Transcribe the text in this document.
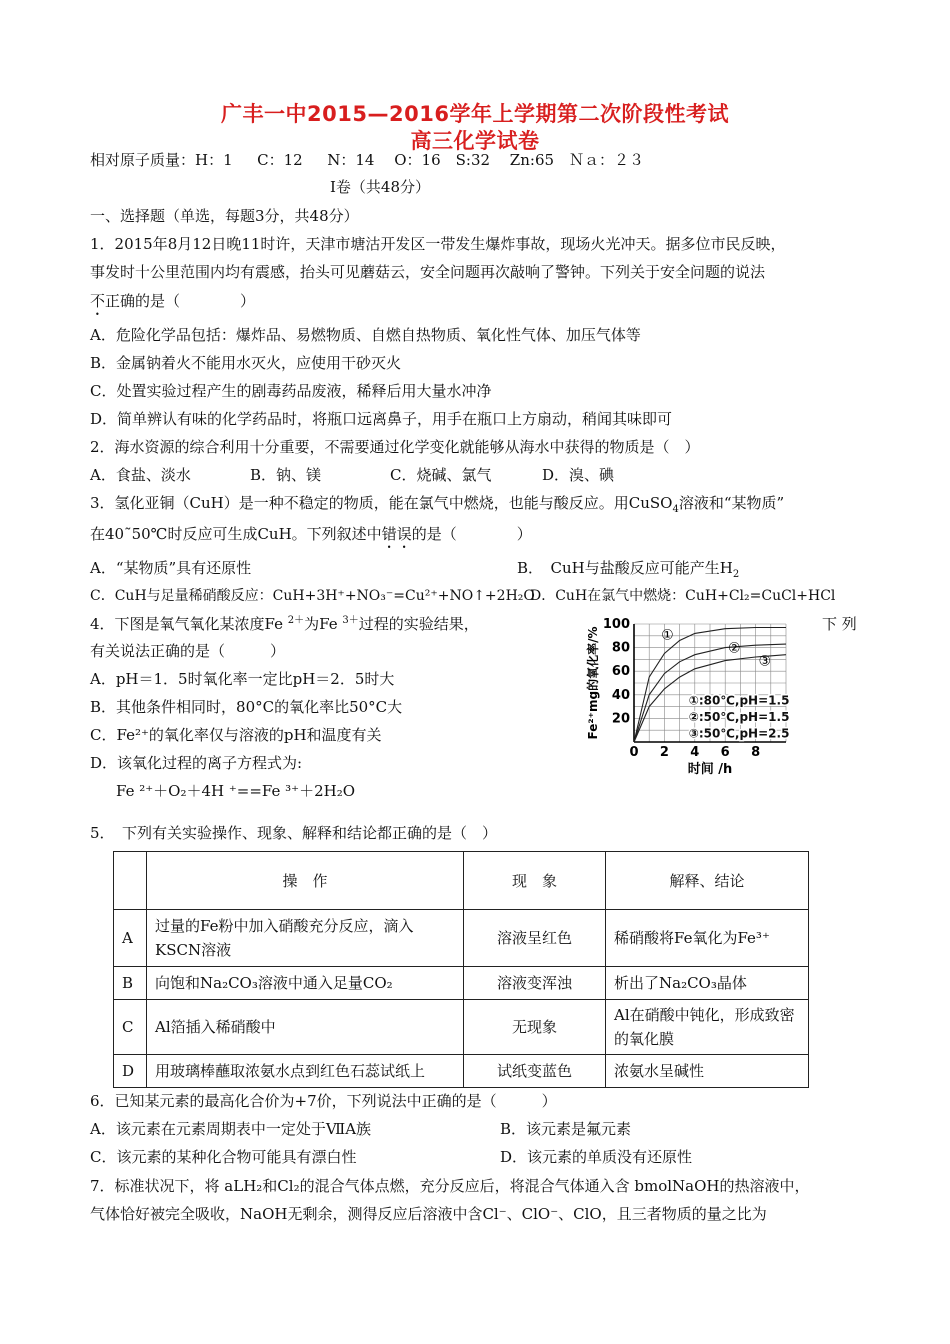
广丰一中2015—2016学年上学期第二次阶段性考试
高三化学试卷
相对原子质量：H：1 　 C：12 　 N：14 　O：16　S:32 　Zn:65　Ｎａ：２３
Ⅰ卷（共48分）
一、选择题（单选，每题3分，共48分）
1．2015年8月12日晚11时许，天津市塘沽开发区一带发生爆炸事故，现场火光冲天。据多位市民反映，
事发时十公里范围内均有震感，抬头可见蘑菇云，安全问题再次敲响了警钟。下列关于安全问题的说法
不正确的是（　　　　）
A．危险化学品包括：爆炸品、易燃物质、自燃自热物质、氧化性气体、加压气体等
B．金属钠着火不能用水灭火，应使用干砂灭火
C．处置实验过程产生的剧毒药品废液，稀释后用大量水冲净
D．简单辨认有味的化学药品时，将瓶口远离鼻子，用手在瓶口上方扇动，稍闻其味即可
2．海水资源的综合利用十分重要，不需要通过化学变化就能够从海水中获得的物质是（　）
A．食盐、淡水	B．钠、镁	C．烧碱、氯气	D．溴、碘
3．氢化亚铜（CuH）是一种不稳定的物质，能在氯气中燃烧，也能与酸反应。用CuSO$_4$溶液和“某物质”
在40˜50℃时反应可生成CuH。下列叙述中错误的是（　　　　）
A．“某物质”具有还原性	B．　CuH与盐酸反应可能产生$H_2$
C．CuH与足量稀硝酸反应：CuH+3H⁺+NO₃⁻=Cu²⁺+NO↑+2H₂O
D．CuH在氯气中燃烧：CuH+Cl₂=CuCl+HCl
4．下图是氧气氧化某浓度Fe $^{2+}$为Fe $^{3+}$过程的实验结果，	下 列
有关说法正确的是（　　　）
A．pH＝1．5时氧化率一定比pH＝2．5时大
B．其他条件相同时，80°C的氧化率比50°C大
C．Fe²⁺的氧化率仅与溶液的pH和温度有关
D．该氧化过程的离子方程式为:
Fe ²⁺＋O₂＋4H ⁺==Fe ³⁺＋2H₂O
0 2 4 6 8
20
40
60
80
100
时间 /h
Fe²⁺mg的氧化率/%	①
①:80℃,pH=1.5
②
②:50℃,pH=1.5
③
③:50℃,pH=2.5
5．　下列有关实验操作、现象、解释和结论都正确的是（　）
	操　作	现　象	解释、结论
A	过量的Fe粉中加入硝酸充分反应，滴入KSCN溶液	溶液呈红色	稀硝酸将Fe氧化为Fe³⁺
B	向饱和Na₂CO₃溶液中通入足量CO₂	溶液变浑浊	析出了Na₂CO₃晶体
C	Al箔插入稀硝酸中	无现象	Al在硝酸中钝化，形成致密的氧化膜
D	用玻璃棒蘸取浓氨水点到红色石蕊试纸上	试纸变蓝色	浓氨水呈碱性
6．已知某元素的最高化合价为+7价，下列说法中正确的是（　　　）
A．该元素在元素周期表中一定处于ⅦA族	B．该元素是氟元素
C．该元素的某种化合物可能具有漂白性	D．该元素的单质没有还原性
7．标准状况下，将 aLH₂和Cl₂的混合气体点燃，充分反应后，将混合气体通入含 bmolNaOH的热溶液中，
气体恰好被完全吸收，NaOH无剩余，测得反应后溶液中含Cl⁻、ClO⁻、ClO，且三者物质的量之比为
